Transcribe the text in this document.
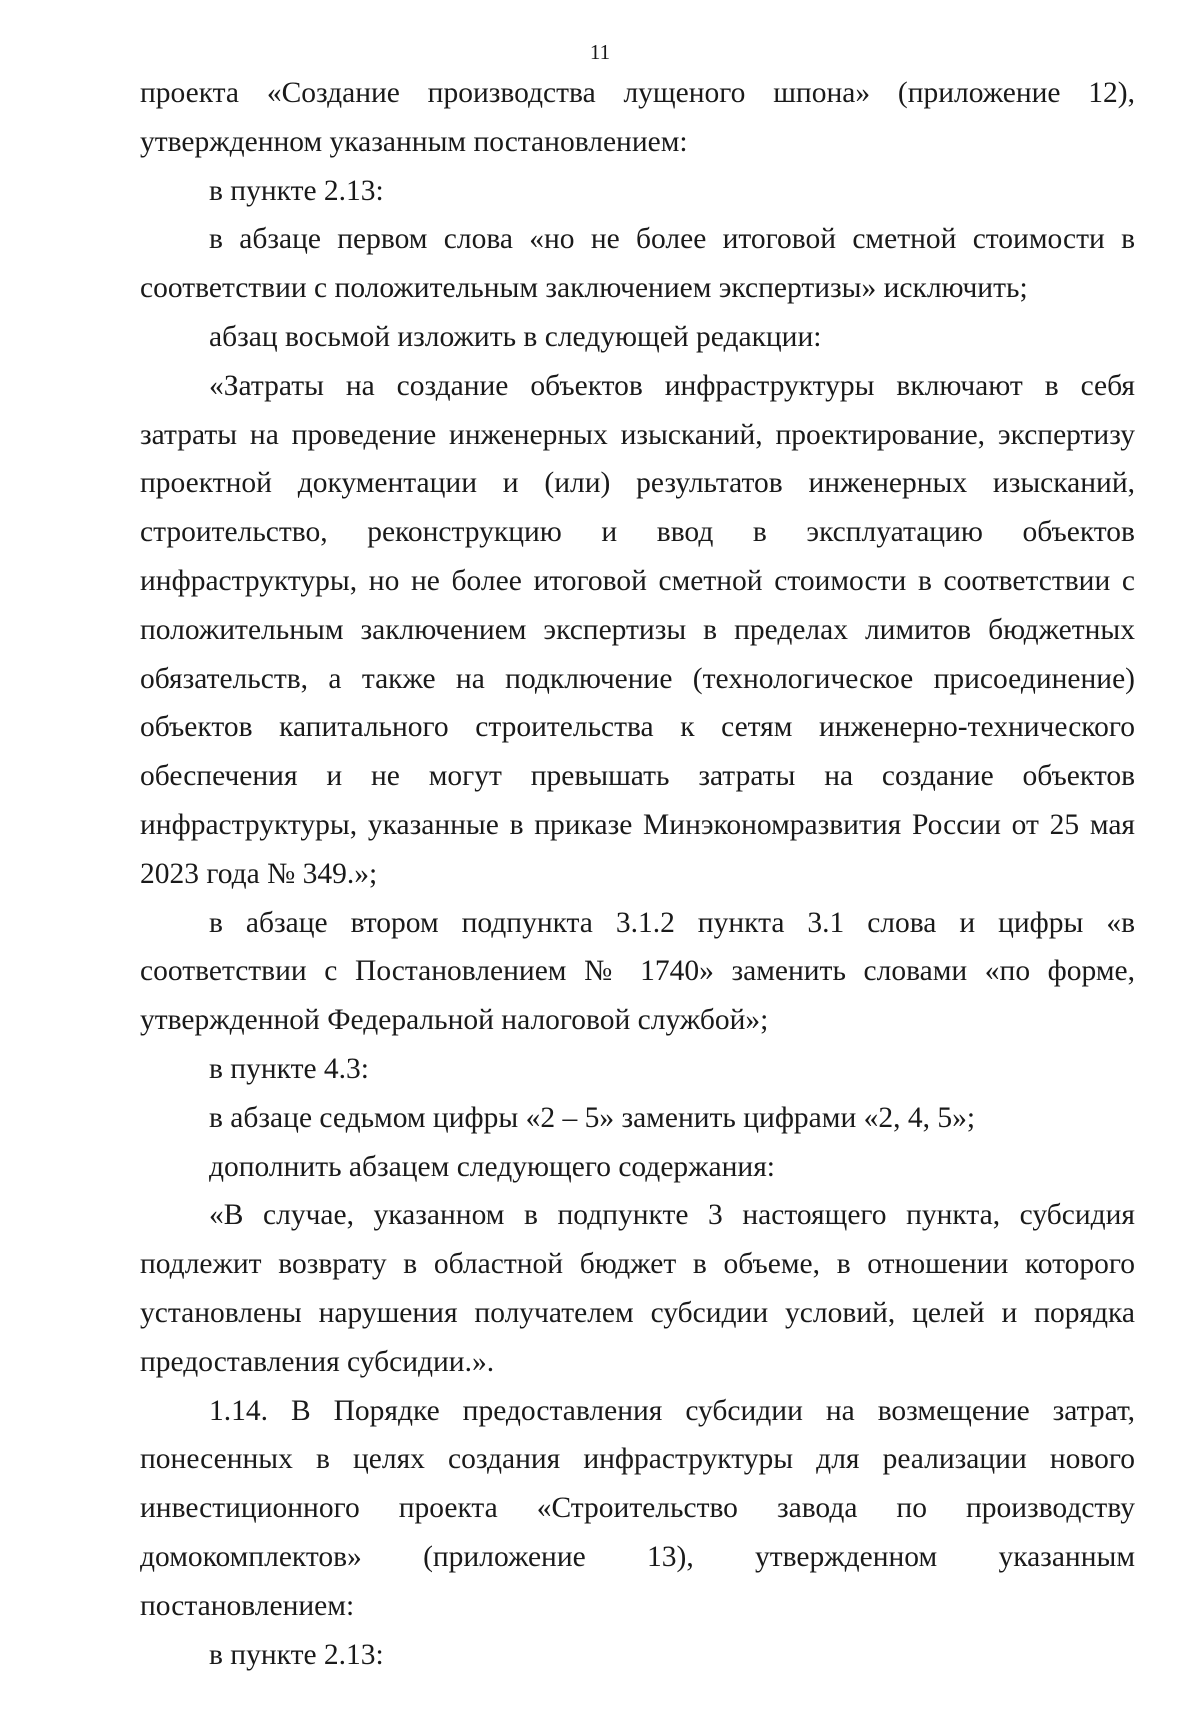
11

проекта «Создание производства лущеного шпона» (приложение 12), утвержденном указанным постановлением:

в пункте 2.13:

в абзаце первом слова «но не более итоговой сметной стоимости в соответствии с положительным заключением экспертизы» исключить;

абзац восьмой изложить в следующей редакции:

«Затраты на создание объектов инфраструктуры включают в себя затраты на проведение инженерных изысканий, проектирование, экспертизу проектной документации и (или) результатов инженерных изысканий, строительство, реконструкцию и ввод в эксплуатацию объектов инфраструктуры, но не более итоговой сметной стоимости в соответствии с положительным заключением экспертизы в пределах лимитов бюджетных обязательств, а также на подключение (технологическое присоединение) объектов капитального строительства к сетям инженерно-технического обеспечения и не могут превышать затраты на создание объектов инфраструктуры, указанные в приказе Минэкономразвития России от 25 мая 2023 года № 349.»;

в абзаце втором подпункта 3.1.2 пункта 3.1 слова и цифры «в соответствии с Постановлением № 1740» заменить словами «по форме, утвержденной Федеральной налоговой службой»;

в пункте 4.3:

в абзаце седьмом цифры «2 – 5» заменить цифрами «2, 4, 5»;

дополнить абзацем следующего содержания:

«В случае, указанном в подпункте 3 настоящего пункта, субсидия подлежит возврату в областной бюджет в объеме, в отношении которого установлены нарушения получателем субсидии условий, целей и порядка предоставления субсидии.».

1.14. В Порядке предоставления субсидии на возмещение затрат, понесенных в целях создания инфраструктуры для реализации нового инвестиционного проекта «Строительство завода по производству домокомплектов» (приложение 13), утвержденном указанным постановлением:

в пункте 2.13:
